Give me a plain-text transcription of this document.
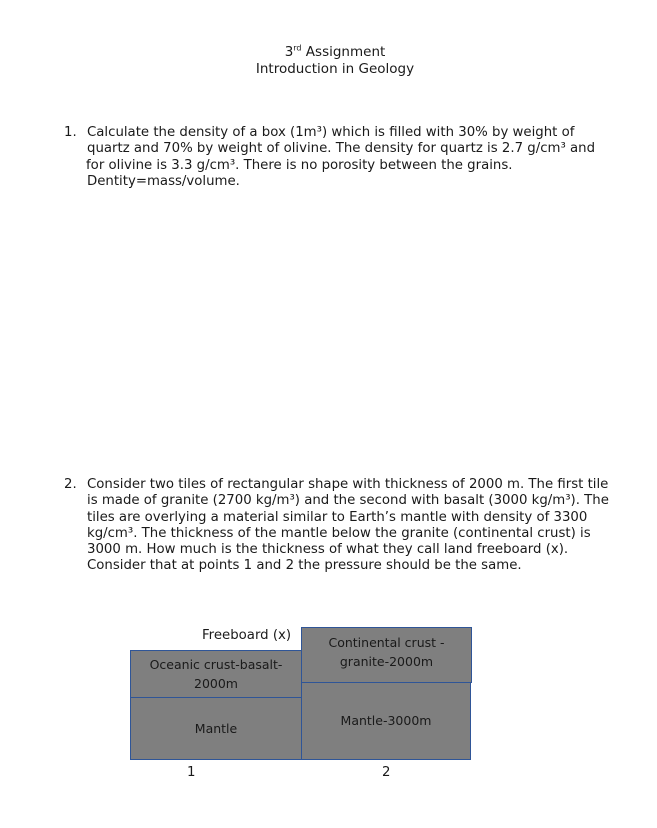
3rd Assignment
Introduction in Geology
1. Calculate the density of a box (1m³) which is filled with 30% by weight of
quartz and 70% by weight of olivine. The density for quartz is 2.7 g/cm³ and
for olivine is 3.3 g/cm³. There is no porosity between the grains.
Dentity=mass/volume.
2. Consider two tiles of rectangular shape with thickness of 2000 m. The first tile
is made of granite (2700 kg/m³) and the second with basalt (3000 kg/m³). The
tiles are overlying a material similar to Earth’s mantle with density of 3300
kg/cm³. The thickness of the mantle below the granite (continental crust) is
3000 m. How much is the thickness of what they call land freeboard (x).
Consider that at points 1 and 2 the pressure should be the same.
Freeboard (x)
Oceanic crust-basalt-
2000m
Mantle
Continental crust -
granite-2000m
Mantle-3000m
1	2
